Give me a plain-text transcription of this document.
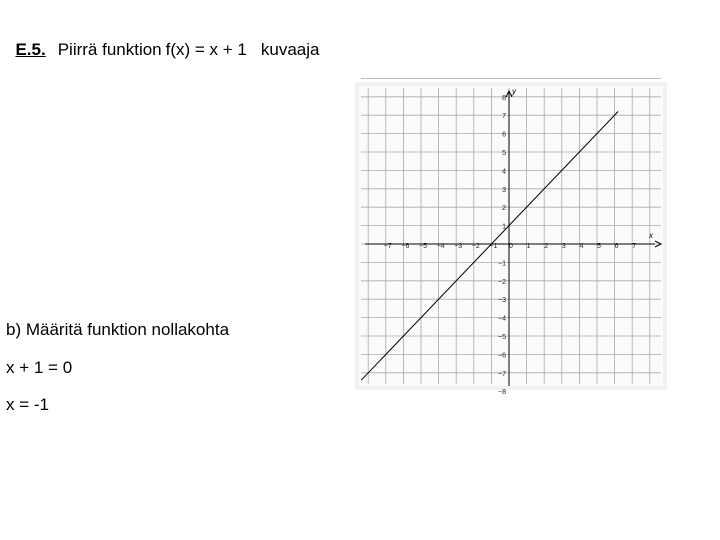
E.5. Piirrä funktion f(x) = x + 1 kuvaaja

b) Määritä funktion nollakohta
x + 1 = 0
x = -1
x
y
−7 −6 −5 −4 −3 −2 −1 0 1 2 3 4 5 6 7
8
7
6
5
4
3
2
1
−1
−2
−3
−4
−5
−6
−7
−8
